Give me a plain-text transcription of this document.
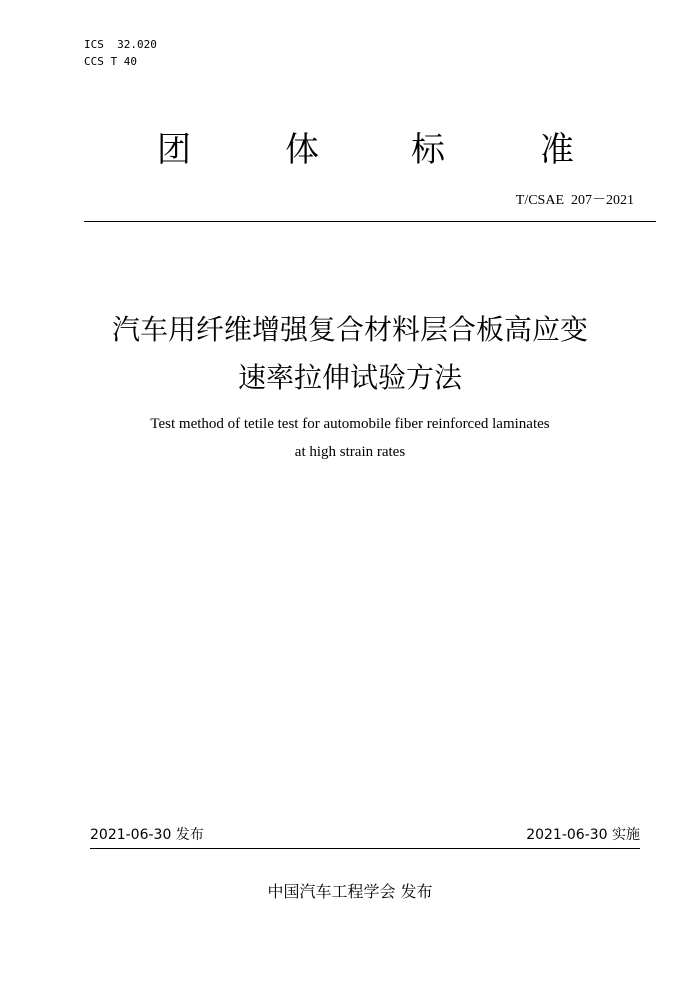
ICS  32.020
CCS T 40
团	体	标	准
T/CSAE  207－2021
汽车用纤维增强复合材料层合板高应变
速率拉伸试验方法
Test method of tetile test for automobile fiber reinforced laminates
at high strain rates
2021-06-30 发布	2021-06-30 实施
中国汽车工程学会 发布
